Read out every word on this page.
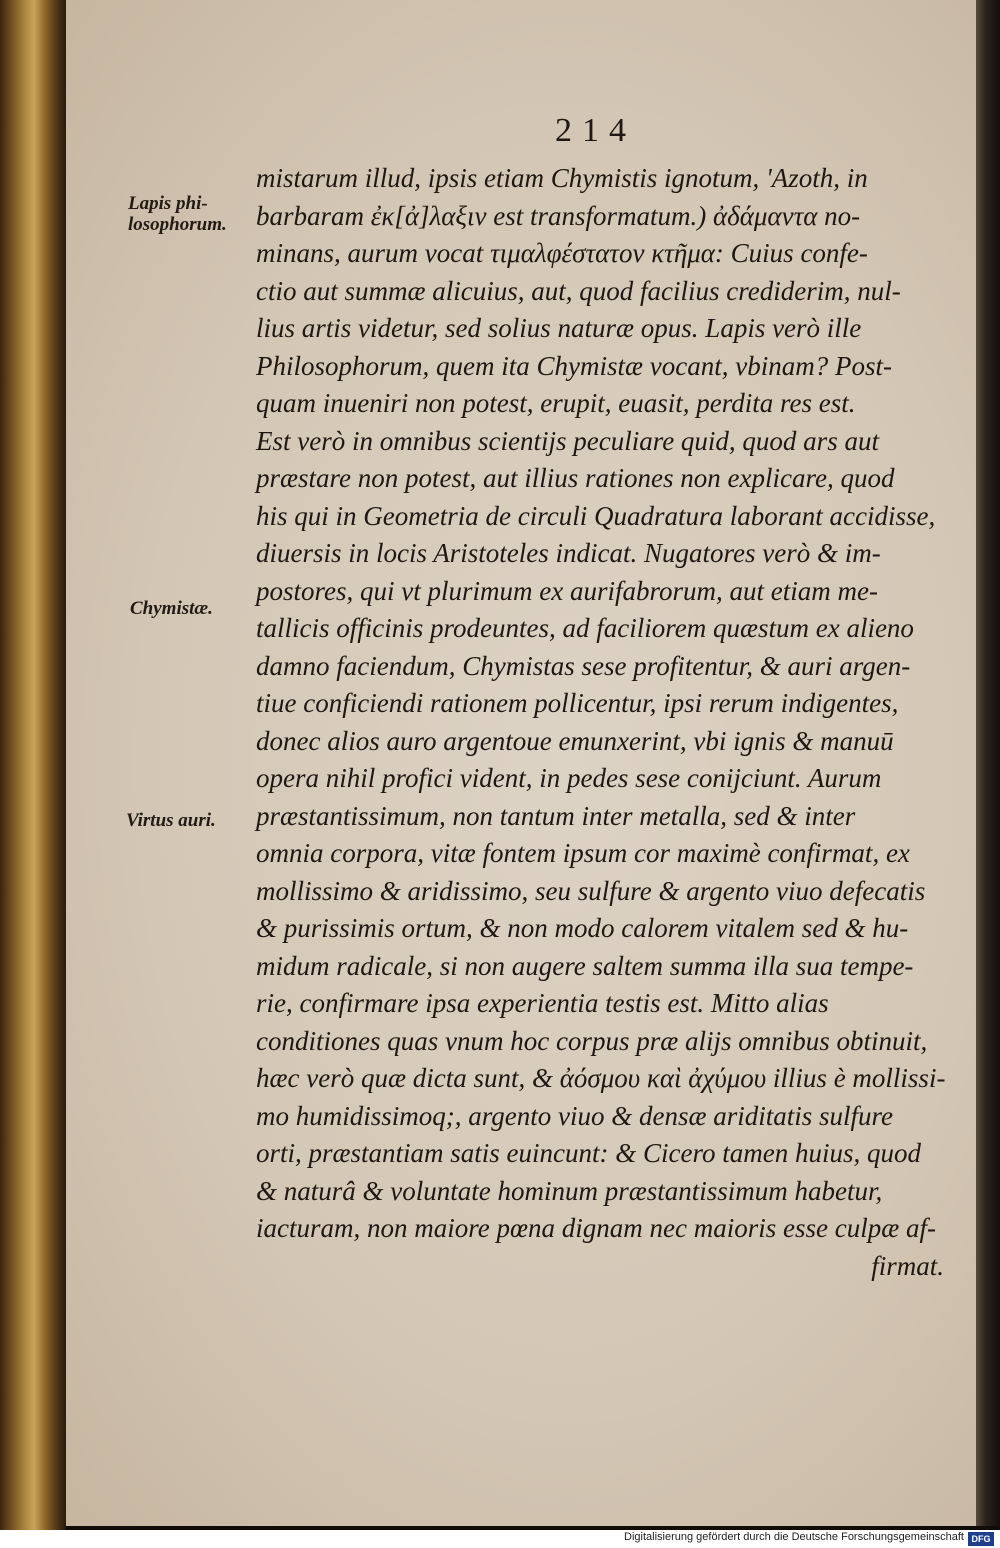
214
Lapis phi-
losophorum.
Chymistæ.
Virtus auri.
mistarum illud, ipsis etiam Chymistis ignotum, 'Azoth, in
barbaram ἐκ[ἀ]λαξιν est transformatum.) ἀδάμαντα no-
minans, aurum vocat τιμαλφέστατον κτῆμα: Cuius confe-
ctio aut summæ alicuius, aut, quod facilius crediderim, nul-
lius artis videtur, sed solius naturæ opus. Lapis verò ille
Philosophorum, quem ita Chymistæ vocant, vbinam? Post-
quam inueniri non potest, erupit, euasit, perdita res est.
Est verò in omnibus scientijs peculiare quid, quod ars aut
præstare non potest, aut illius rationes non explicare, quod
his qui in Geometria de circuli Quadratura laborant accidisse,
diuersis in locis Aristoteles indicat. Nugatores verò & im-
postores, qui vt plurimum ex aurifabrorum, aut etiam me-
tallicis officinis prodeuntes, ad faciliorem quæstum ex alieno
damno faciendum, Chymistas sese profitentur, & auri argen-
tiue conficiendi rationem pollicentur, ipsi rerum indigentes,
donec alios auro argentoue emunxerint, vbi ignis & manuū
opera nihil profici vident, in pedes sese conijciunt. Aurum
præstantissimum, non tantum inter metalla, sed & inter
omnia corpora, vitæ fontem ipsum cor maximè confirmat, ex
mollissimo & aridissimo, seu sulfure & argento viuo defecatis
& purissimis ortum, & non modo calorem vitalem sed & hu-
midum radicale, si non augere saltem summa illa sua tempe-
rie, confirmare ipsa experientia testis est. Mitto alias
conditiones quas vnum hoc corpus præ alijs omnibus obtinuit,
hæc verò quæ dicta sunt, & ἀόσμου καὶ ἀχύμου illius è mollissi-
mo humidissimoq;, argento viuo & densæ ariditatis sulfure
orti, præstantiam satis euincunt: & Cicero tamen huius, quod
& naturâ & voluntate hominum præstantissimum habetur,
iacturam, non maiore pœna dignam nec maioris esse culpæ af-
firmat.
Digitalisierung gefördert durch die Deutsche Forschungsgemeinschaft DFG
